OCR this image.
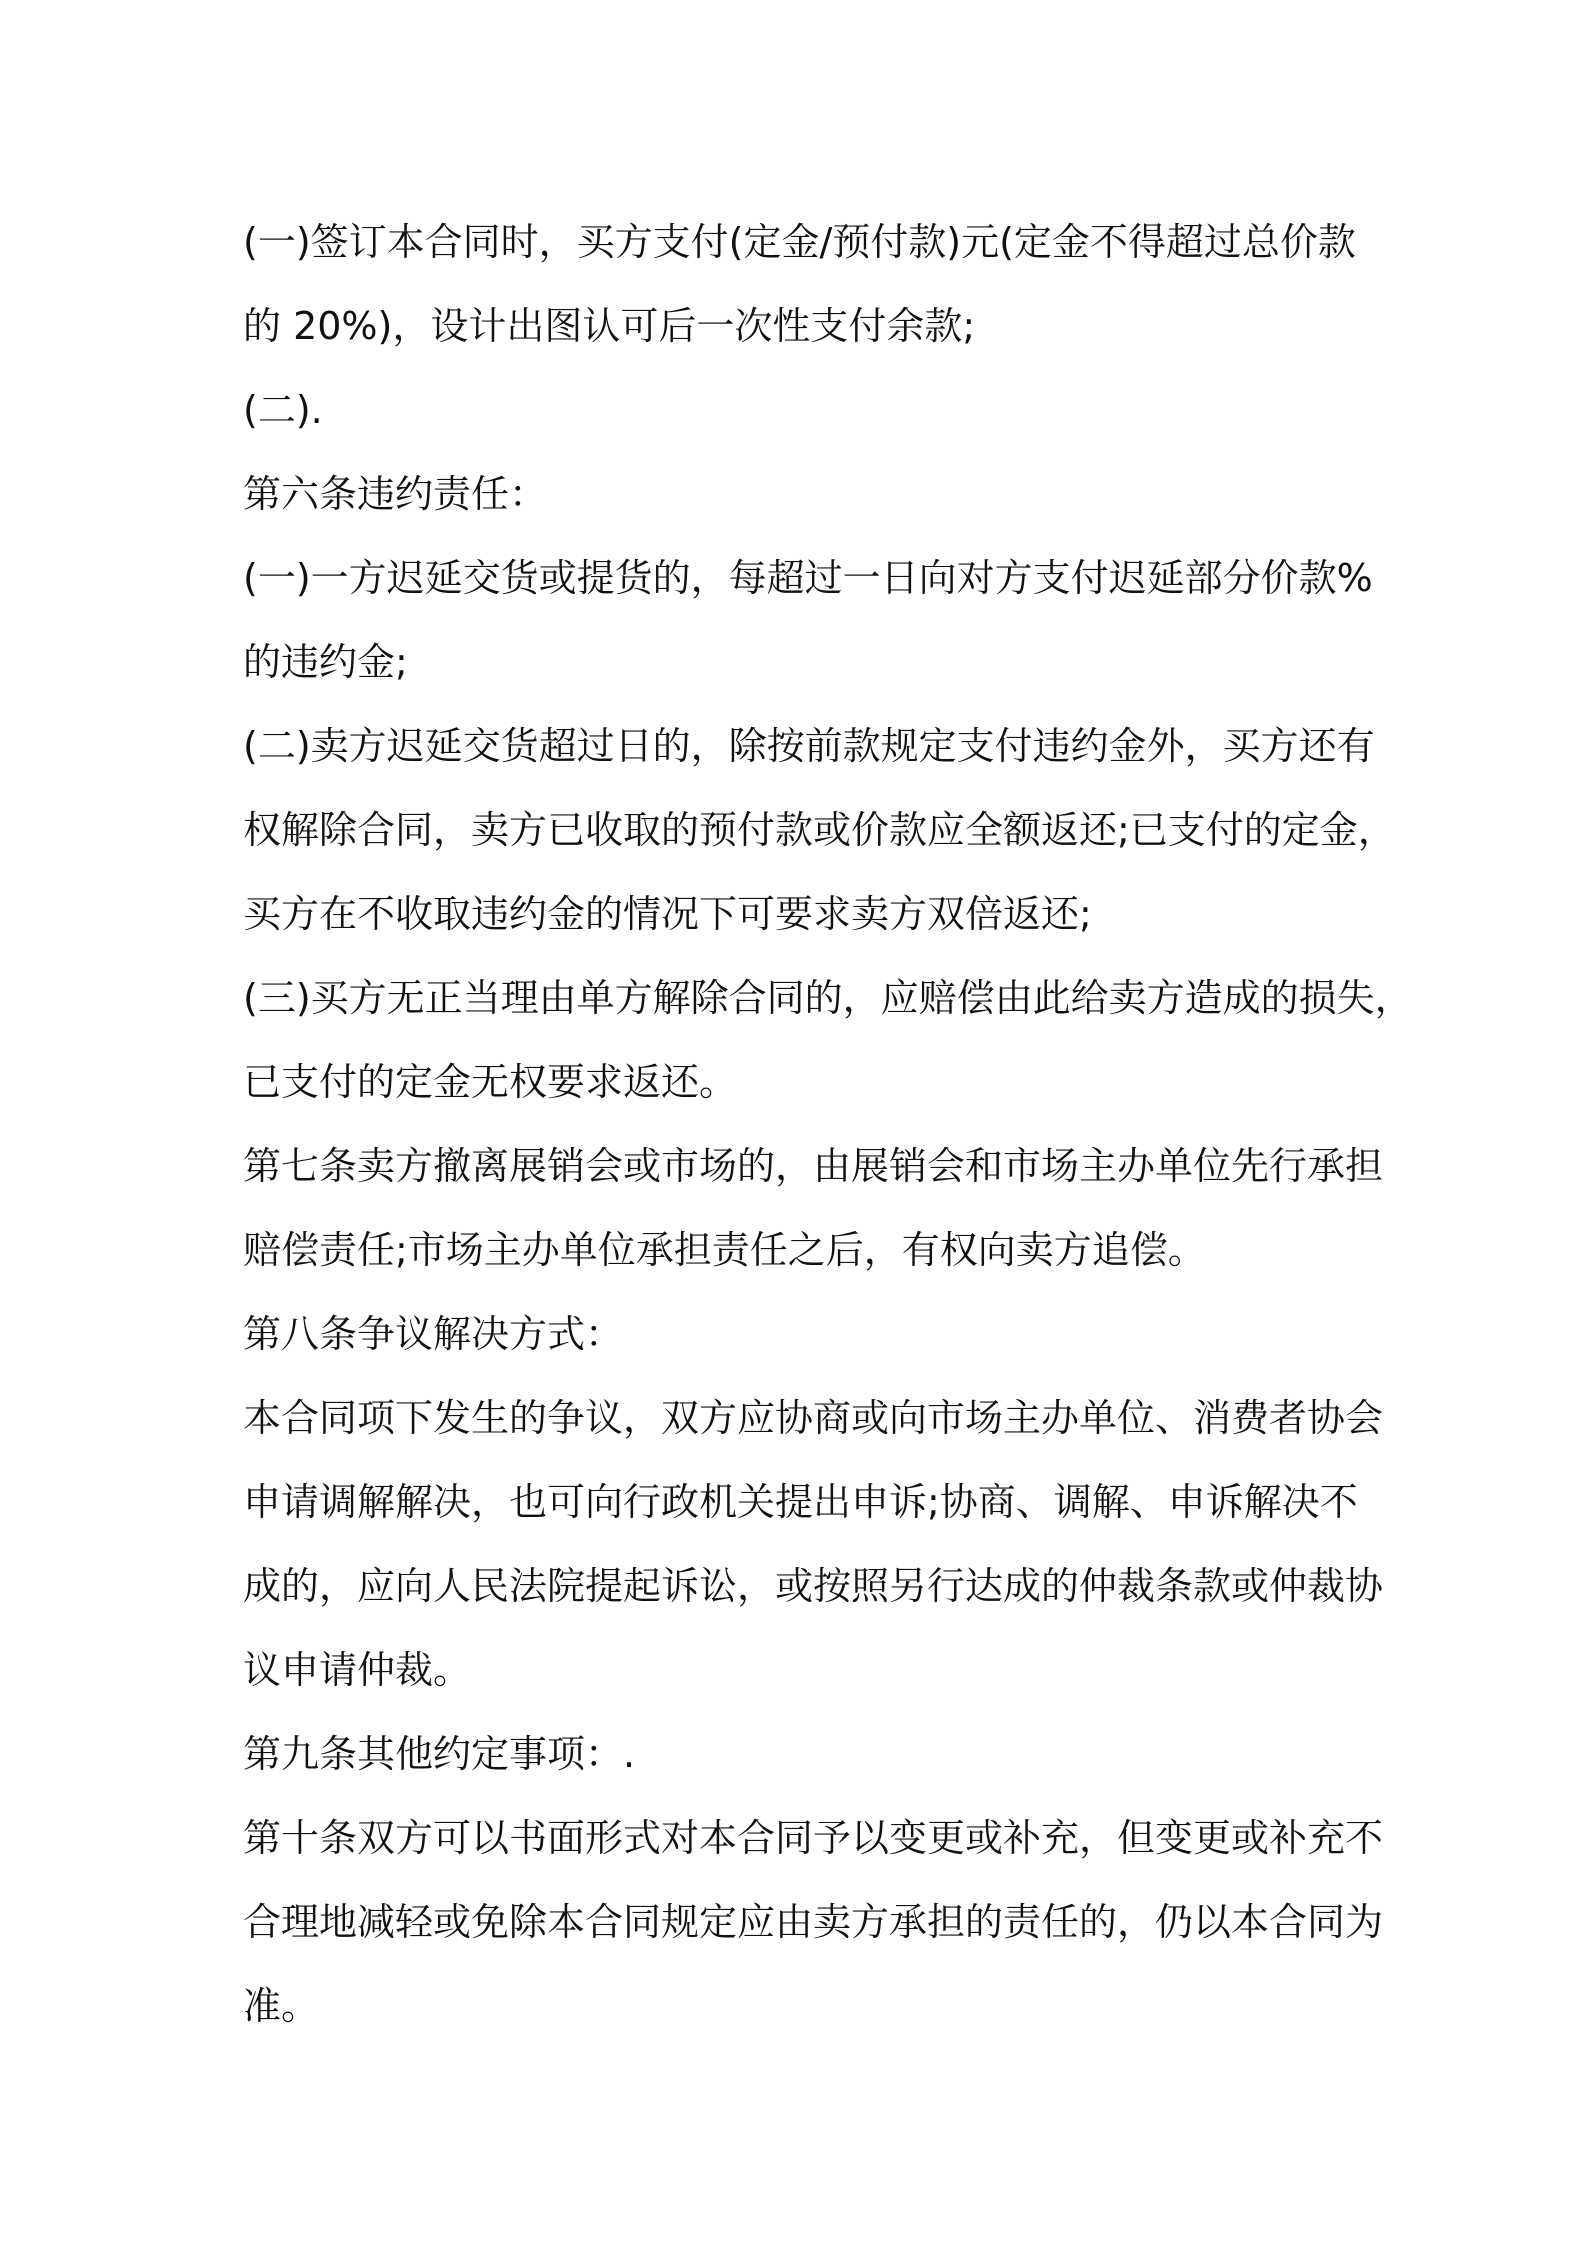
(一)签订本合同时，买方支付(定金/预付款)元(定金不得超过总价款
的 20%)，设计出图认可后一次性支付余款;
(二).
第六条违约责任：
(一)一方迟延交货或提货的，每超过一日向对方支付迟延部分价款%
的违约金;
(二)卖方迟延交货超过日的，除按前款规定支付违约金外，买方还有
权解除合同，卖方已收取的预付款或价款应全额返还;已支付的定金，
买方在不收取违约金的情况下可要求卖方双倍返还;
(三)买方无正当理由单方解除合同的，应赔偿由此给卖方造成的损失，
已支付的定金无权要求返还。
第七条卖方撤离展销会或市场的，由展销会和市场主办单位先行承担
赔偿责任;市场主办单位承担责任之后，有权向卖方追偿。
第八条争议解决方式：
本合同项下发生的争议，双方应协商或向市场主办单位、消费者协会
申请调解解决，也可向行政机关提出申诉;协商、调解、申诉解决不
成的，应向人民法院提起诉讼，或按照另行达成的仲裁条款或仲裁协
议申请仲裁。
第九条其他约定事项：.
第十条双方可以书面形式对本合同予以变更或补充，但变更或补充不
合理地减轻或免除本合同规定应由卖方承担的责任的，仍以本合同为
准。
